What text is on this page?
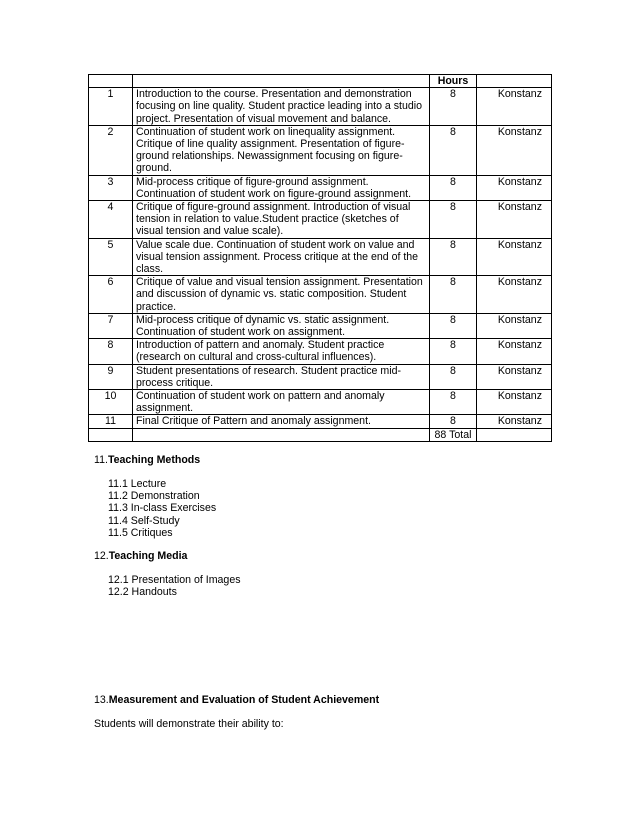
		Hours	
1	Introduction to the course. Presentation and demonstration focusing on line quality. Student practice leading into a studio project. Presentation of visual movement and balance.	8	Konstanz
2	Continuation of student work on linequality assignment. Critique of line quality assignment. Presentation of figure-ground relationships. Newassignment focusing on figure-ground.	8	Konstanz
3	Mid-process critique of figure-ground assignment. Continuation of student work on figure-ground assignment.	8	Konstanz
4	Critique of figure-ground assignment. Introduction of visual tension in relation to value.Student practice (sketches of visual tension and value scale).	8	Konstanz
5	Value scale due. Continuation of student work on value and visual tension assignment. Process critique at the end of the class.	8	Konstanz
6	Critique of value and visual tension assignment. Presentation and discussion of dynamic vs. static composition. Student practice.	8	Konstanz
7	Mid-process critique of dynamic vs. static assignment. Continuation of student work on assignment.	8	Konstanz
8	Introduction of pattern and anomaly. Student practice (research on cultural and cross-cultural influences).	8	Konstanz
9	Student presentations of research. Student practice mid-process critique.	8	Konstanz
10	Continuation of student work on pattern and anomaly assignment.	8	Konstanz
11	Final Critique of Pattern and anomaly assignment.	8	Konstanz
		88 Total	
11.Teaching Methods
11.1 Lecture
11.2 Demonstration
11.3 In-class Exercises
11.4 Self-Study
11.5 Critiques
12.Teaching Media
12.1 Presentation of Images
12.2 Handouts
13.Measurement and Evaluation of Student Achievement
Students will demonstrate their ability to:
